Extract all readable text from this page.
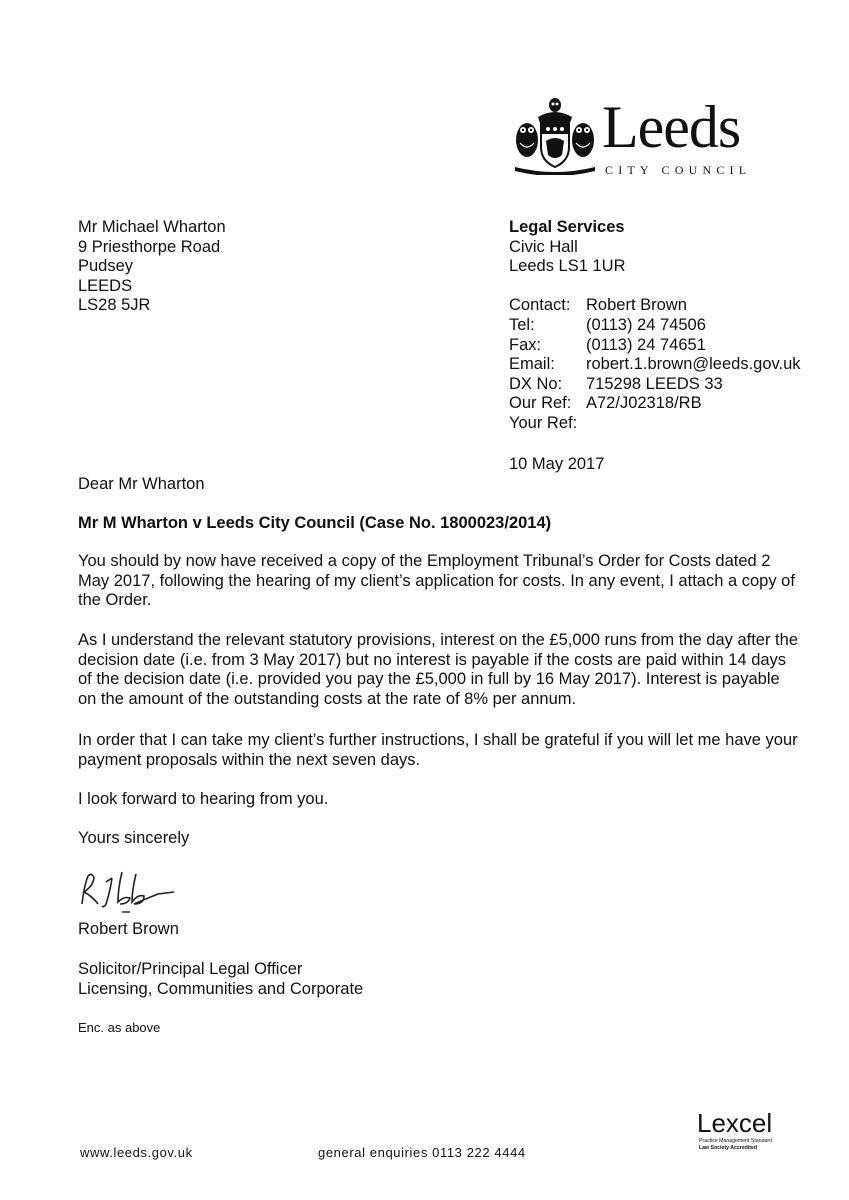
Leeds
CITY COUNCIL
Mr Michael Wharton
9 Priesthorpe Road
Pudsey
LEEDS
LS28 5JR
Legal Services
Civic Hall
Leeds LS1 1UR
Contact: Robert Brown
Tel:	(0113) 24 74506
Fax:	(0113) 24 74651
Email:	robert.1.brown@leeds.gov.uk
DX No:	715298 LEEDS 33
Our Ref: A72/J02318/RB
Your Ref:
10 May 2017
Dear Mr Wharton
Mr M Wharton v Leeds City Council (Case No. 1800023/2014)

You should by now have received a copy of the Employment Tribunal’s Order for Costs dated 2 May 2017, following the hearing of my client’s application for costs. In any event, I attach a copy of the Order.

As I understand the relevant statutory provisions, interest on the £5,000 runs from the day after the decision date (i.e. from 3 May 2017) but no interest is payable if the costs are paid within 14 days of the decision date (i.e. provided you pay the £5,000 in full by 16 May 2017). Interest is payable on the amount of the outstanding costs at the rate of 8% per annum.

In order that I can take my client’s further instructions, I shall be grateful if you will let me have your payment proposals within the next seven days.

I look forward to hearing from you.

Yours sincerely
Robert Brown
Solicitor/Principal Legal Officer
Licensing, Communities and Corporate
Enc. as above
www.leeds.gov.uk	general enquiries 0113 222 4444
Lexcel
Practice Management Standard
Law Society Accredited
